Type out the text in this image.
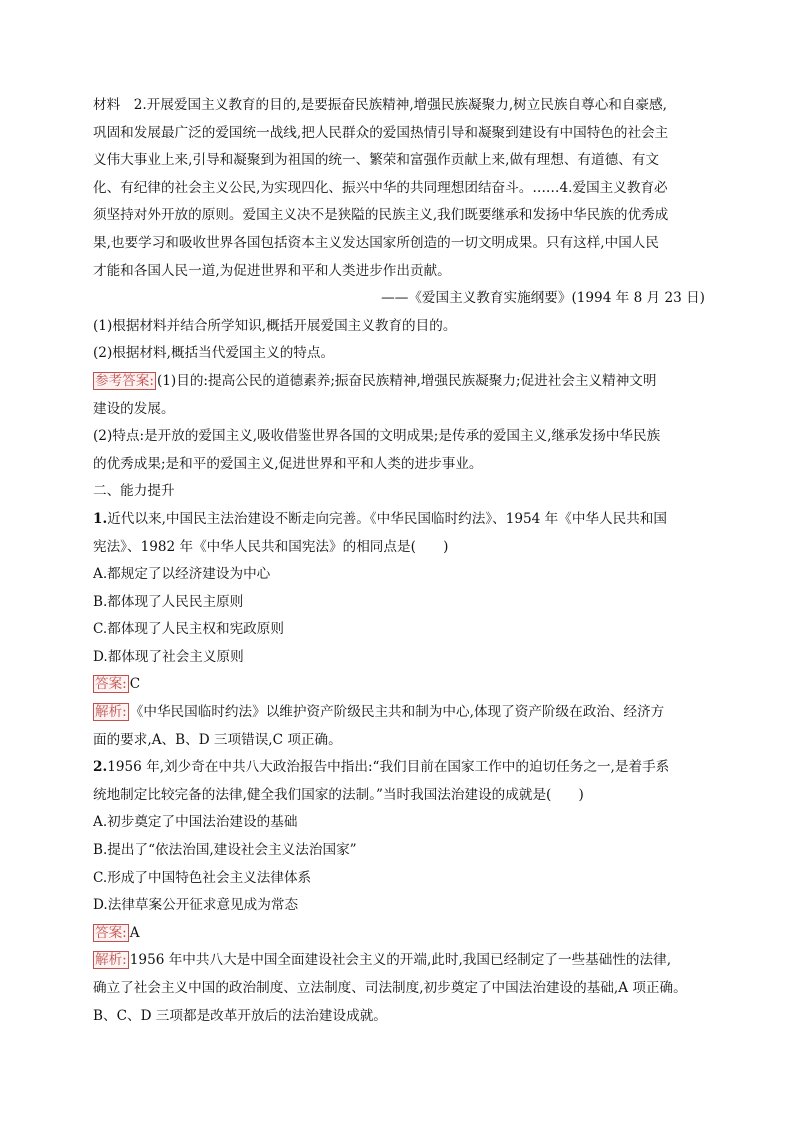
材料　2.开展爱国主义教育的目的,是要振奋民族精神,增强民族凝聚力,树立民族自尊心和自豪感,

巩固和发展最广泛的爱国统一战线,把人民群众的爱国热情引导和凝聚到建设有中国特色的社会主

义伟大事业上来,引导和凝聚到为祖国的统一、繁荣和富强作贡献上来,做有理想、有道德、有文

化、有纪律的社会主义公民,为实现四化、振兴中华的共同理想团结奋斗。……4.爱国主义教育必

须坚持对外开放的原则。爱国主义决不是狭隘的民族主义,我们既要继承和发扬中华民族的优秀成

果,也要学习和吸收世界各国包括资本主义发达国家所创造的一切文明成果。只有这样,中国人民

才能和各国人民一道,为促进世界和平和人类进步作出贡献。

——《爱国主义教育实施纲要》(1994 年 8 月 23 日)

(1)根据材料并结合所学知识,概括开展爱国主义教育的目的。

(2)根据材料,概括当代爱国主义的特点。

参考答案: (1)目的:提高公民的道德素养;振奋民族精神,增强民族凝聚力;促进社会主义精神文明

建设的发展。

(2)特点:是开放的爱国主义,吸收借鉴世界各国的文明成果;是传承的爱国主义,继承发扬中华民族

的优秀成果;是和平的爱国主义,促进世界和平和人类的进步事业。

二、能力提升

1.近代以来,中国民主法治建设不断走向完善。《中华民国临时约法》、1954 年《中华人民共和国

宪法》、1982 年《中华人民共和国宪法》的相同点是(　　)

A.都规定了以经济建设为中心

B.都体现了人民民主原则

C.都体现了人民主权和宪政原则

D.都体现了社会主义原则

答案: C

解析: 《中华民国临时约法》以维护资产阶级民主共和制为中心,体现了资产阶级在政治、经济方

面的要求,A、B、D 三项错误,C 项正确。

2.1956 年,刘少奇在中共八大政治报告中指出:“我们目前在国家工作中的迫切任务之一,是着手系

统地制定比较完备的法律,健全我们国家的法制。”当时我国法治建设的成就是(　　)

A.初步奠定了中国法治建设的基础

B.提出了“依法治国,建设社会主义法治国家”

C.形成了中国特色社会主义法律体系

D.法律草案公开征求意见成为常态

答案: A

解析: 1956 年中共八大是中国全面建设社会主义的开端,此时,我国已经制定了一些基础性的法律,

确立了社会主义中国的政治制度、立法制度、司法制度,初步奠定了中国法治建设的基础,A 项正确。

B、C、D 三项都是改革开放后的法治建设成就。
